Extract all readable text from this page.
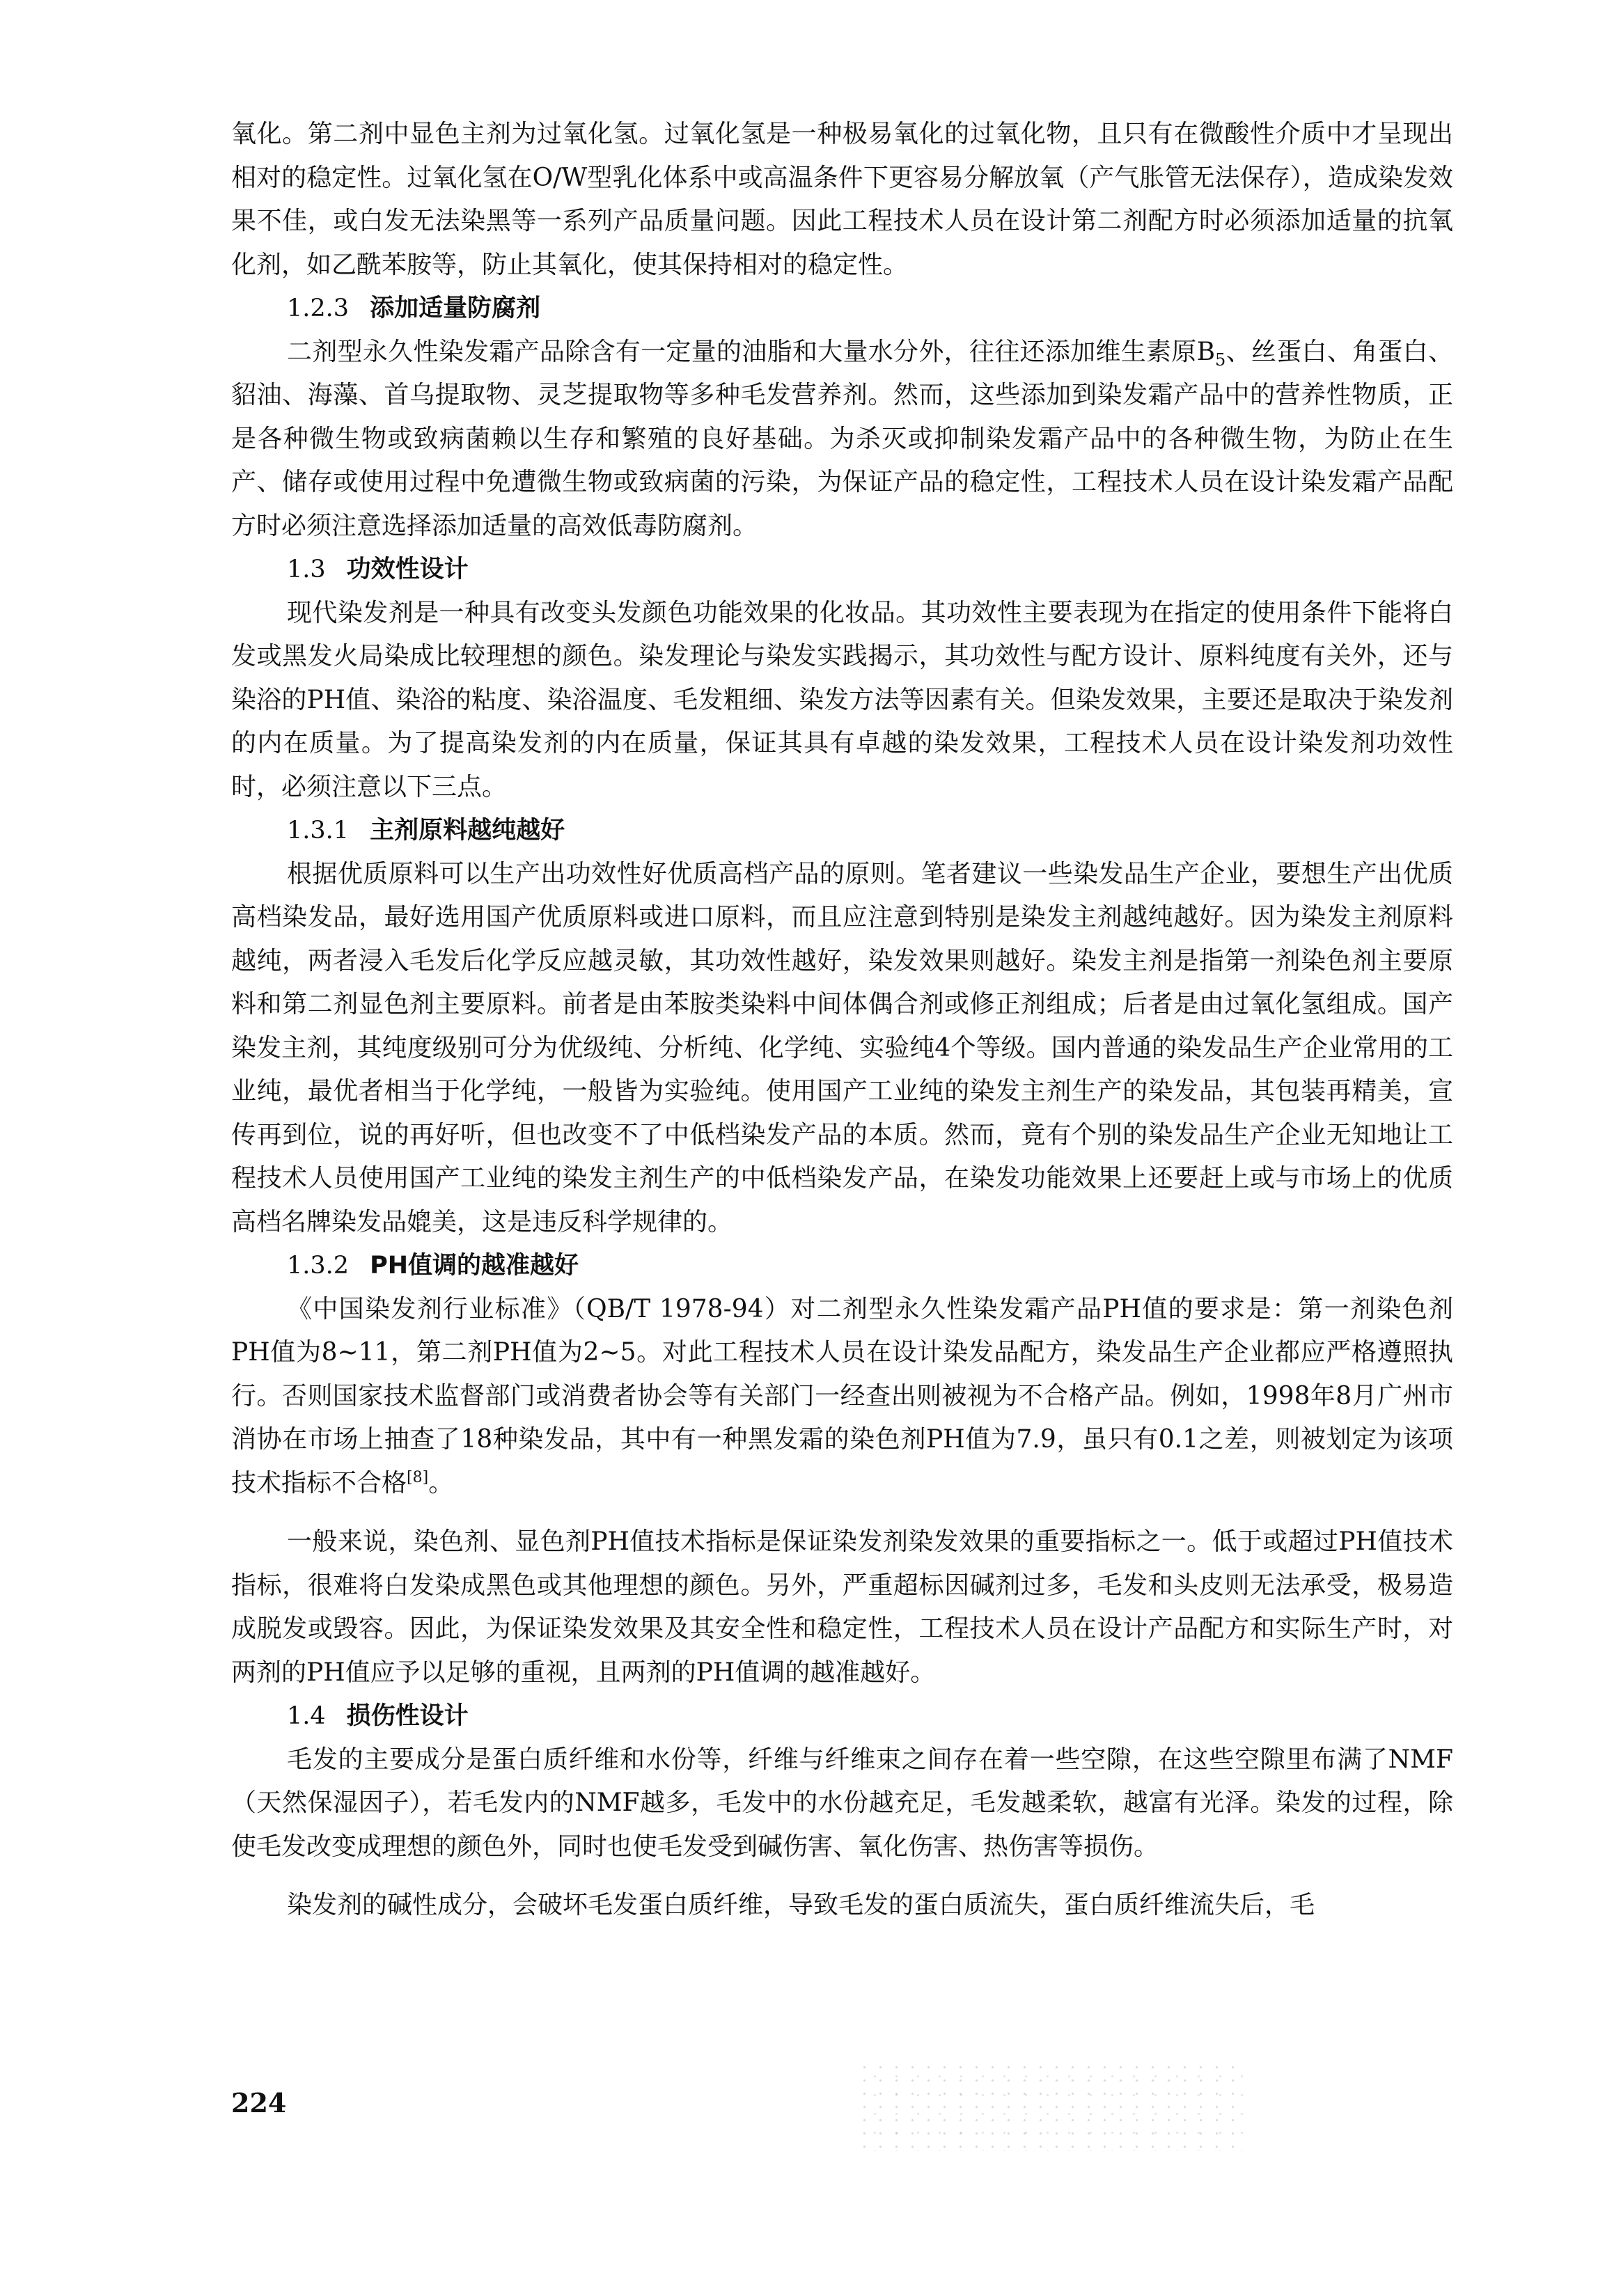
氧化。第二剂中显色主剂为过氧化氢。过氧化氢是一种极易氧化的过氧化物，且只有在微酸性介质中才呈现出相对的稳定性。过氧化氢在O/W型乳化体系中或高温条件下更容易分解放氧（产气胀管无法保存），造成染发效果不佳，或白发无法染黑等一系列产品质量问题。因此工程技术人员在设计第二剂配方时必须添加适量的抗氧化剂，如乙酰苯胺等，防止其氧化，使其保持相对的稳定性。

1.2.3 添加适量防腐剂

二剂型永久性染发霜产品除含有一定量的油脂和大量水分外，往往还添加维生素原$B_5$、丝蛋白、角蛋白、貂油、海藻、首乌提取物、灵芝提取物等多种毛发营养剂。然而，这些添加到染发霜产品中的营养性物质，正是各种微生物或致病菌赖以生存和繁殖的良好基础。为杀灭或抑制染发霜产品中的各种微生物，为防止在生产、储存或使用过程中免遭微生物或致病菌的污染，为保证产品的稳定性，工程技术人员在设计染发霜产品配方时必须注意选择添加适量的高效低毒防腐剂。

1.3 功效性设计

现代染发剂是一种具有改变头发颜色功能效果的化妆品。其功效性主要表现为在指定的使用条件下能将白发或黑发火局染成比较理想的颜色。染发理论与染发实践揭示，其功效性与配方设计、原料纯度有关外，还与染浴的PH值、染浴的粘度、染浴温度、毛发粗细、染发方法等因素有关。但染发效果，主要还是取决于染发剂的内在质量。为了提高染发剂的内在质量，保证其具有卓越的染发效果，工程技术人员在设计染发剂功效性时，必须注意以下三点。

1.3.1 主剂原料越纯越好

根据优质原料可以生产出功效性好优质高档产品的原则。笔者建议一些染发品生产企业，要想生产出优质高档染发品，最好选用国产优质原料或进口原料，而且应注意到特别是染发主剂越纯越好。因为染发主剂原料越纯，两者浸入毛发后化学反应越灵敏，其功效性越好，染发效果则越好。染发主剂是指第一剂染色剂主要原料和第二剂显色剂主要原料。前者是由苯胺类染料中间体偶合剂或修正剂组成；后者是由过氧化氢组成。国产染发主剂，其纯度级别可分为优级纯、分析纯、化学纯、实验纯4个等级。国内普通的染发品生产企业常用的工业纯，最优者相当于化学纯，一般皆为实验纯。使用国产工业纯的染发主剂生产的染发品，其包装再精美，宣传再到位，说的再好听，但也改变不了中低档染发产品的本质。然而，竟有个别的染发品生产企业无知地让工程技术人员使用国产工业纯的染发主剂生产的中低档染发产品，在染发功能效果上还要赶上或与市场上的优质高档名牌染发品媲美，这是违反科学规律的。

1.3.2 PH值调的越准越好

《中国染发剂行业标准》（QB/T 1978-94）对二剂型永久性染发霜产品PH值的要求是：第一剂染色剂PH值为8~11，第二剂PH值为2~5。对此工程技术人员在设计染发品配方，染发品生产企业都应严格遵照执行。否则国家技术监督部门或消费者协会等有关部门一经查出则被视为不合格产品。例如，1998年8月广州市消协在市场上抽查了18种染发品，其中有一种黑发霜的染色剂PH值为7.9，虽只有0.1之差，则被划定为该项技术指标不合格[8]。

一般来说，染色剂、显色剂PH值技术指标是保证染发剂染发效果的重要指标之一。低于或超过PH值技术指标，很难将白发染成黑色或其他理想的颜色。另外，严重超标因碱剂过多，毛发和头皮则无法承受，极易造成脱发或毁容。因此，为保证染发效果及其安全性和稳定性，工程技术人员在设计产品配方和实际生产时，对两剂的PH值应予以足够的重视，且两剂的PH值调的越准越好。

1.4 损伤性设计

毛发的主要成分是蛋白质纤维和水份等，纤维与纤维束之间存在着一些空隙，在这些空隙里布满了NMF（天然保湿因子），若毛发内的NMF越多，毛发中的水份越充足，毛发越柔软，越富有光泽。染发的过程，除使毛发改变成理想的颜色外，同时也使毛发受到碱伤害、氧化伤害、热伤害等损伤。

染发剂的碱性成分，会破坏毛发蛋白质纤维，导致毛发的蛋白质流失，蛋白质纤维流失后，毛

224
